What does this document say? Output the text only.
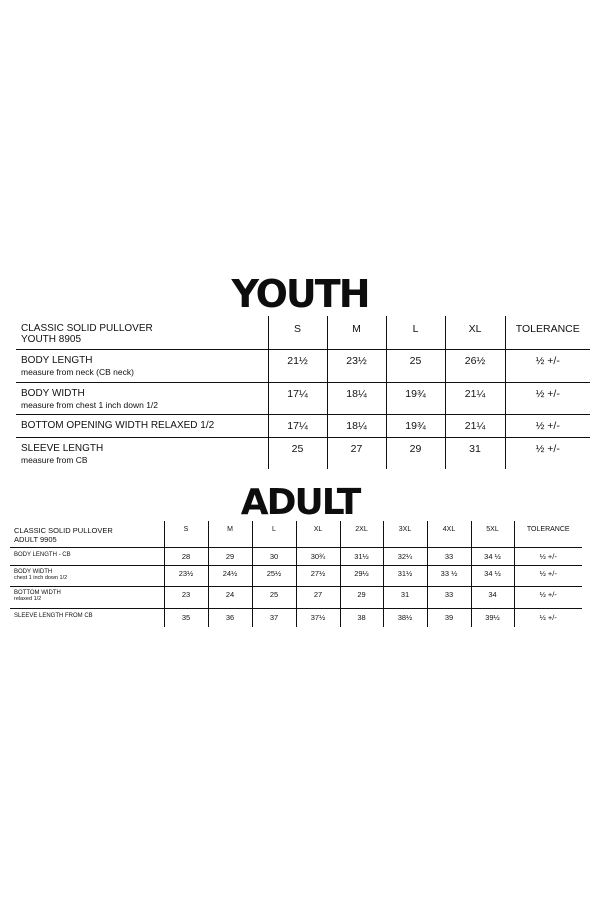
YOUTH
CLASSIC SOLID PULLOVER
YOUTH 8905	S	M	L	XL	TOLERANCE
BODY LENGTH
measure from neck (CB neck)	21½	23½	25	26½	½ +/-
BODY WIDTH
measure from chest 1 inch down 1/2	17¼	18¼	19¾	21¼	½ +/-
BOTTOM OPENING WIDTH RELAXED 1/2	17¼	18¼	19¾	21¼	½ +/-
SLEEVE LENGTH
measure from CB	25	27	29	31	½ +/-
ADULT
CLASSIC SOLID PULLOVER
ADULT 9905	S	M	L	XL	2XL	3XL	4XL	5XL	TOLERANCE
BODY LENGTH - CB	28	29	30	30¾	31½	32¼	33	34 ½	½ +/-
BODY WIDTH
chest 1 inch down 1/2	23½	24½	25½	27½	29½	31½	33 ½	34 ½	½ +/-
BOTTOM WIDTH
relaxed 1/2	23	24	25	27	29	31	33	34	½ +/-
SLEEVE LENGTH FROM CB	35	36	37	37½	38	38½	39	39½	½ +/-
